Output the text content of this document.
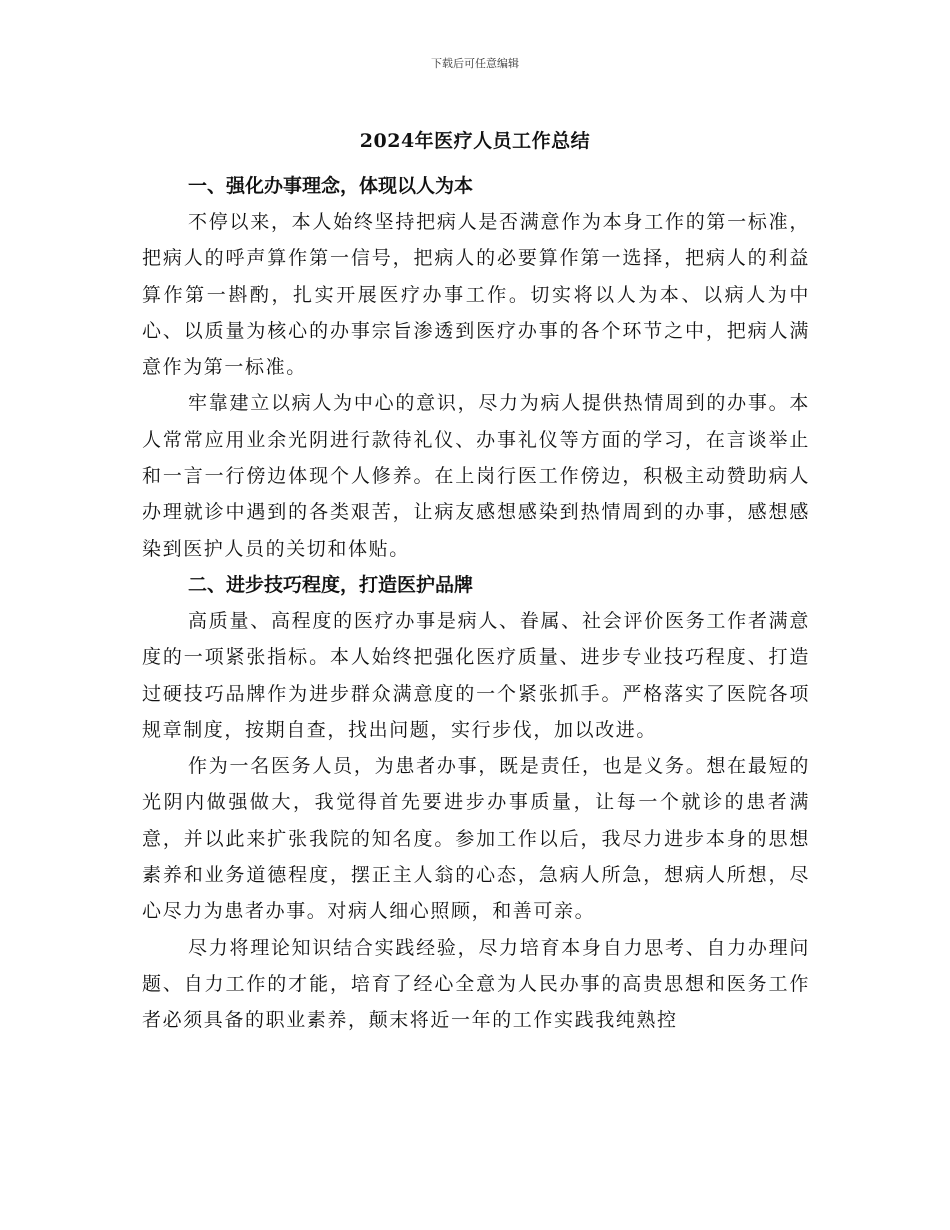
下载后可任意编辑
2024年医疗人员工作总结
一、强化办事理念，体现以人为本

不停以来，本人始终坚持把病人是否满意作为本身工作的第一标准，把病人的呼声算作第一信号，把病人的必要算作第一选择，把病人的利益算作第一斟酌，扎实开展医疗办事工作。切实将以人为本、以病人为中心、以质量为核心的办事宗旨渗透到医疗办事的各个环节之中，把病人满意作为第一标准。

牢靠建立以病人为中心的意识，尽力为病人提供热情周到的办事。本人常常应用业余光阴进行款待礼仪、办事礼仪等方面的学习，在言谈举止和一言一行傍边体现个人修养。在上岗行医工作傍边，积极主动赞助病人办理就诊中遇到的各类艰苦，让病友感想感染到热情周到的办事，感想感染到医护人员的关切和体贴。

二、进步技巧程度，打造医护品牌

高质量、高程度的医疗办事是病人、眷属、社会评价医务工作者满意度的一项紧张指标。本人始终把强化医疗质量、进步专业技巧程度、打造过硬技巧品牌作为进步群众满意度的一个紧张抓手。严格落实了医院各项规章制度，按期自查，找出问题，实行步伐，加以改进。

作为一名医务人员，为患者办事，既是责任，也是义务。想在最短的光阴内做强做大，我觉得首先要进步办事质量，让每一个就诊的患者满意，并以此来扩张我院的知名度。参加工作以后，我尽力进步本身的思想素养和业务道德程度，摆正主人翁的心态，急病人所急，想病人所想，尽心尽力为患者办事。对病人细心照顾，和善可亲。

尽力将理论知识结合实践经验，尽力培育本身自力思考、自力办理问题、自力工作的才能，培育了经心全意为人民办事的高贵思想和医务工作者必须具备的职业素养，颠末将近一年的工作实践我纯熟控
